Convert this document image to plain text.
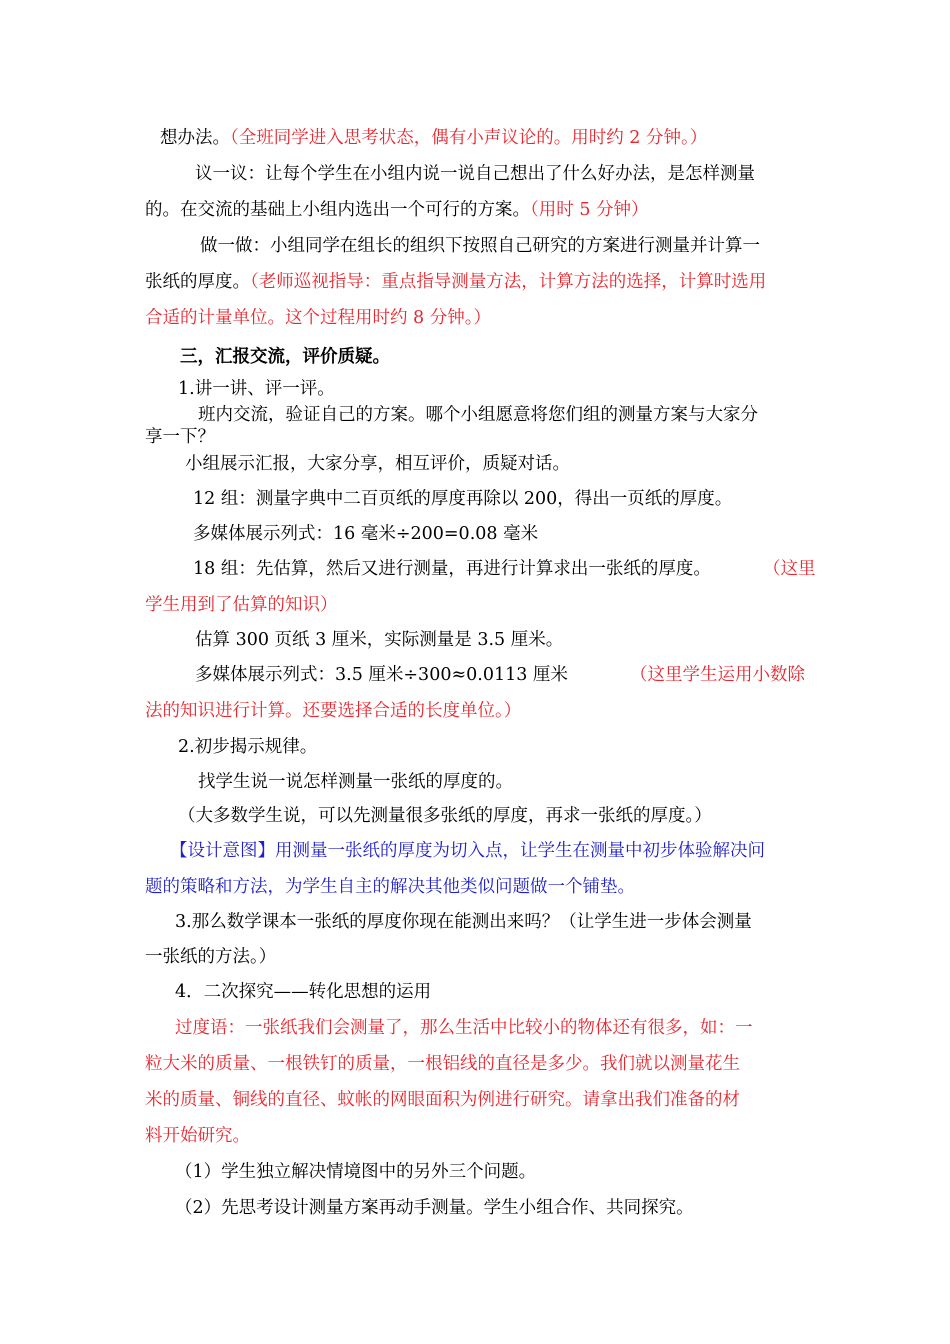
想办法。（全班同学进入思考状态，偶有小声议论的。用时约 2 分钟。）
议一议：让每个学生在小组内说一说自己想出了什么好办法，是怎样测量
的。在交流的基础上小组内选出一个可行的方案。（用时 5 分钟）
做一做：小组同学在组长的组织下按照自己研究的方案进行测量并计算一
张纸的厚度。（老师巡视指导：重点指导测量方法，计算方法的选择，计算时选用
合适的计量单位。这个过程用时约 8 分钟。）
三，汇报交流，评价质疑。
1.讲一讲、评一评。
班内交流，验证自己的方案。哪个小组愿意将您们组的测量方案与大家分
享一下？
小组展示汇报，大家分享，相互评价，质疑对话。
12 组：测量字典中二百页纸的厚度再除以 200，得出一页纸的厚度。
多媒体展示列式：16 毫米÷200=0.08 毫米
18 组：先估算，然后又进行测量，再进行计算求出一张纸的厚度。	（这里
学生用到了估算的知识）
估算 300 页纸 3 厘米，实际测量是 3.5 厘米。
多媒体展示列式：3.5 厘米÷300≈0.0113 厘米	（这里学生运用小数除
法的知识进行计算。还要选择合适的长度单位。）
2.初步揭示规律。
找学生说一说怎样测量一张纸的厚度的。
（大多数学生说，可以先测量很多张纸的厚度，再求一张纸的厚度。）
【设计意图】用测量一张纸的厚度为切入点，让学生在测量中初步体验解决问
题的策略和方法，为学生自主的解决其他类似问题做一个铺垫。
3.那么数学课本一张纸的厚度你现在能测出来吗？（让学生进一步体会测量
一张纸的方法。）
4．二次探究——转化思想的运用
过度语：一张纸我们会测量了，那么生活中比较小的物体还有很多，如：一
粒大米的质量、一根铁钉的质量，一根铝线的直径是多少。我们就以测量花生
米的质量、铜线的直径、蚊帐的网眼面积为例进行研究。请拿出我们准备的材
料开始研究。
（1）学生独立解决情境图中的另外三个问题。
（2）先思考设计测量方案再动手测量。学生小组合作、共同探究。
